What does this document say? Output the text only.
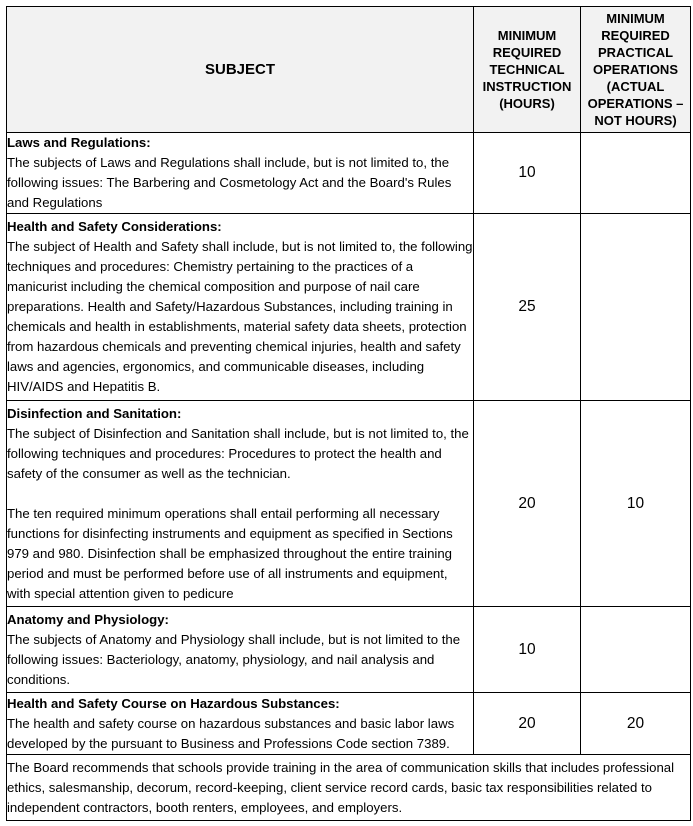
SUBJECT	MINIMUM REQUIRED TECHNICAL INSTRUCTION (HOURS)	MINIMUM REQUIRED PRACTICAL OPERATIONS (ACTUAL OPERATIONS – NOT HOURS)

Laws and Regulations:
The subjects of Laws and Regulations shall include, but is not limited to, the following issues: The Barbering and Cosmetology Act and the Board's Rules and Regulations	10	

Health and Safety Considerations:
The subject of Health and Safety shall include, but is not limited to, the following techniques and procedures: Chemistry pertaining to the practices of a manicurist including the chemical composition and purpose of nail care preparations. Health and Safety/Hazardous Substances, including training in chemicals and health in establishments, material safety data sheets, protection from hazardous chemicals and preventing chemical injuries, health and safety laws and agencies, ergonomics, and communicable diseases, including HIV/AIDS and Hepatitis B.	25	

Disinfection and Sanitation:
The subject of Disinfection and Sanitation shall include, but is not limited to, the following techniques and procedures: Procedures to protect the health and safety of the consumer as well as the technician.
The ten required minimum operations shall entail performing all necessary functions for disinfecting instruments and equipment as specified in Sections 979 and 980. Disinfection shall be emphasized throughout the entire training period and must be performed before use of all instruments and equipment, with special attention given to pedicure	20	10

Anatomy and Physiology:
The subjects of Anatomy and Physiology shall include, but is not limited to the following issues: Bacteriology, anatomy, physiology, and nail analysis and conditions.	10	

Health and Safety Course on Hazardous Substances:
The health and safety course on hazardous substances and basic labor laws developed by the pursuant to Business and Professions Code section 7389.	20	20
The Board recommends that schools provide training in the area of communication skills that includes professional ethics, salesmanship, decorum, record-keeping, client service record cards, basic tax responsibilities related to independent contractors, booth renters, employees, and employers.		
